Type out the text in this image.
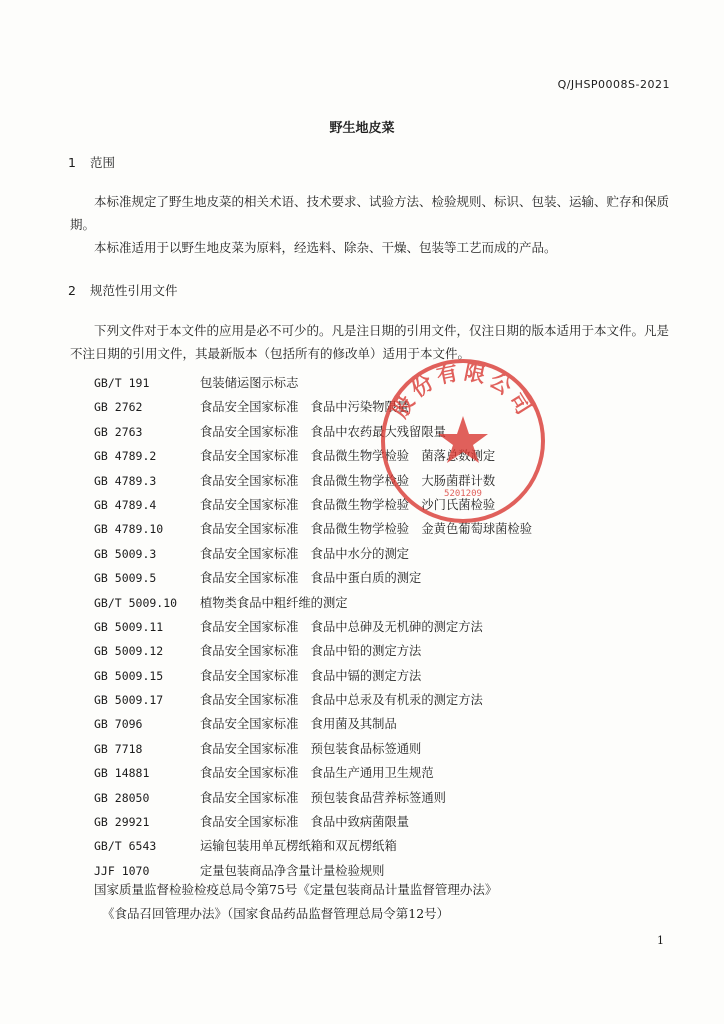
Q/JHSP0008S-2021
野生地皮菜
1 范围

本标准规定了野生地皮菜的相关术语、技术要求、试验方法、检验规则、标识、包装、运输、贮存和保质期。

本标准适用于以野生地皮菜为原料，经选料、除杂、干燥、包装等工艺而成的产品。

2 规范性引用文件

下列文件对于本文件的应用是必不可少的。凡是注日期的引用文件，仅注日期的版本适用于本文件。凡是不注日期的引用文件，其最新版本（包括所有的修改单）适用于本文件。

GB/T 191	包装储运图示标志
GB 2762	食品安全国家标准　食品中污染物限量
GB 2763	食品安全国家标准　食品中农药最大残留限量
GB 4789.2	食品安全国家标准　食品微生物学检验　菌落总数测定
GB 4789.3	食品安全国家标准　食品微生物学检验　大肠菌群计数
GB 4789.4	食品安全国家标准　食品微生物学检验　沙门氏菌检验
GB 4789.10	食品安全国家标准　食品微生物学检验　金黄色葡萄球菌检验
GB 5009.3	食品安全国家标准　食品中水分的测定
GB 5009.5	食品安全国家标准　食品中蛋白质的测定
GB/T 5009.10 植物类食品中粗纤维的测定
GB 5009.11	食品安全国家标准　食品中总砷及无机砷的测定方法
GB 5009.12	食品安全国家标准　食品中铅的测定方法
GB 5009.15	食品安全国家标准　食品中镉的测定方法
GB 5009.17	食品安全国家标准　食品中总汞及有机汞的测定方法
GB 7096	食品安全国家标准　食用菌及其制品
GB 7718	食品安全国家标准　预包装食品标签通则
GB 14881	食品安全国家标准　食品生产通用卫生规范
GB 28050	食品安全国家标准　预包装食品营养标签通则
GB 29921	食品安全国家标准　食品中致病菌限量
GB/T 6543	运输包装用单瓦楞纸箱和双瓦楞纸箱
JJF 1070	定量包装商品净含量计量检验规则
国家质量监督检验检疫总局令第75号《定量包装商品计量监督管理办法》
《食品召回管理办法》（国家食品药品监督管理总局令第12号）
1
股份有限公司
5201209
